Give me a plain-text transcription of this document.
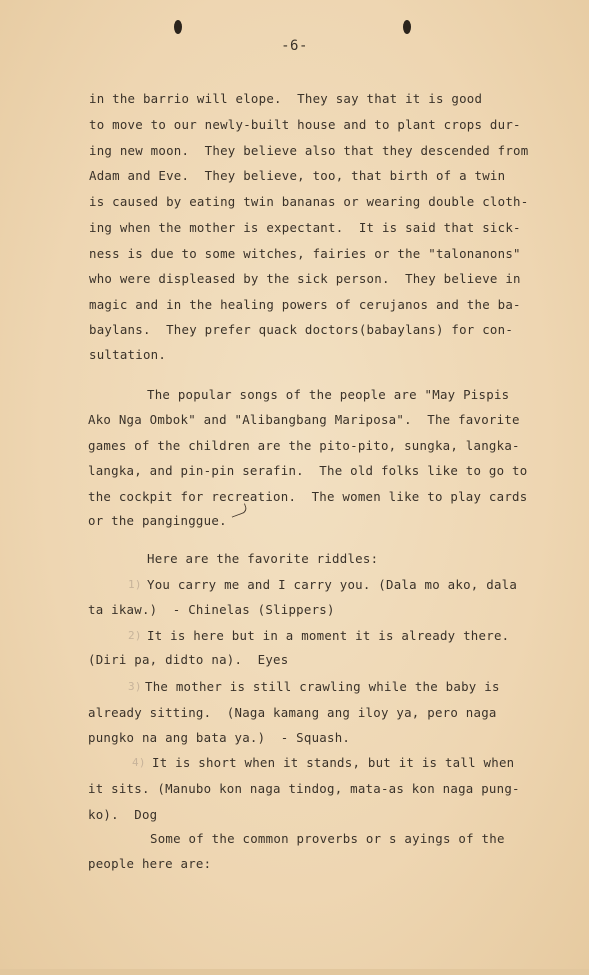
-6-
in the barrio will elope.  They say that it is good
to move to our newly-built house and to plant crops dur-
ing new moon.  They believe also that they descended from
Adam and Eve.  They believe, too, that birth of a twin
is caused by eating twin bananas or wearing double cloth-
ing when the mother is expectant.  It is said that sick-
ness is due to some witches, fairies or the "talonanons"
who were displeased by the sick person.  They believe in
magic and in the healing powers of cerujanos and the ba-
baylans.  They prefer quack doctors(babaylans) for con-
sultation.
The popular songs of the people are "May Pispis
Ako Nga Ombok" and "Alibangbang Mariposa".  The favorite
games of the children are the pito-pito, sungka, langka-
langka, and pin-pin serafin.  The old folks like to go to
the cockpit for recreation.  The women like to play cards
or the panginggue.
Here are the favorite riddles:
1) You carry me and I carry you. (Dala mo ako, dala
ta ikaw.)  - Chinelas (Slippers)
2) It is here but in a moment it is already there.
(Diri pa, didto na).  Eyes
3) The mother is still crawling while the baby is
already sitting.  (Naga kamang ang iloy ya, pero naga
pungko na ang bata ya.)  - Squash.
4) It is short when it stands, but it is tall when
it sits. (Manubo kon naga tindog, mata-as kon naga pung-
ko).  Dog
Some of the common proverbs or s ayings of the
people here are:
